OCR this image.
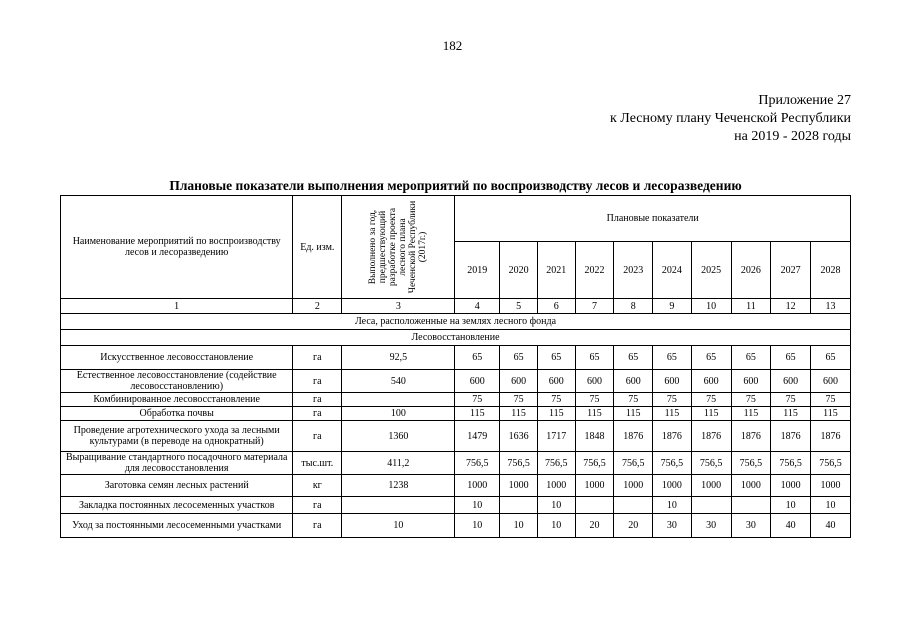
182
Приложение 27
к Лесному плану Чеченской Республики
на 2019 - 2028 годы
Плановые показатели выполнения мероприятий по воспроизводству лесов и лесоразведению
Наименование мероприятий по воспроизводству лесов и лесоразведению	Ед. изм.	Выполнено за год, предшествующий разработке проекта лесного плана Чеченской Республики (2017г.)	Плановые показатели									
			2019	2020	2021	2022	2023	2024	2025	2026	2027	2028
1	2	3	4	5	6	7	8	9	10	11	12	13
Леса, расположенные на землях лесного фонда												
Лесовосстановление												
Искусственное лесовосстановление	га	92,5	65	65	65	65	65	65	65	65	65	65
Естественное лесовосстановление (содействие лесовосстановлению)	га	540	600	600	600	600	600	600	600	600	600	600
Комбинированное лесовосстановление	га		75	75	75	75	75	75	75	75	75	75
Обработка почвы	га	100	115	115	115	115	115	115	115	115	115	115
Проведение агротехнического ухода за лесными культурами (в переводе на однократный)	га	1360	1479	1636	1717	1848	1876	1876	1876	1876	1876	1876
Выращивание стандартного посадочного материала для лесовосстановления	тыс.шт.	411,2	756,5	756,5	756,5	756,5	756,5	756,5	756,5	756,5	756,5	756,5
Заготовка семян лесных растений	кг	1238	1000	1000	1000	1000	1000	1000	1000	1000	1000	1000
Закладка постоянных лесосеменных участков	га		10		10			10			10	10
Уход за постоянными лесосеменными участками	га	10	10	10	10	20	20	30	30	30	40	40
